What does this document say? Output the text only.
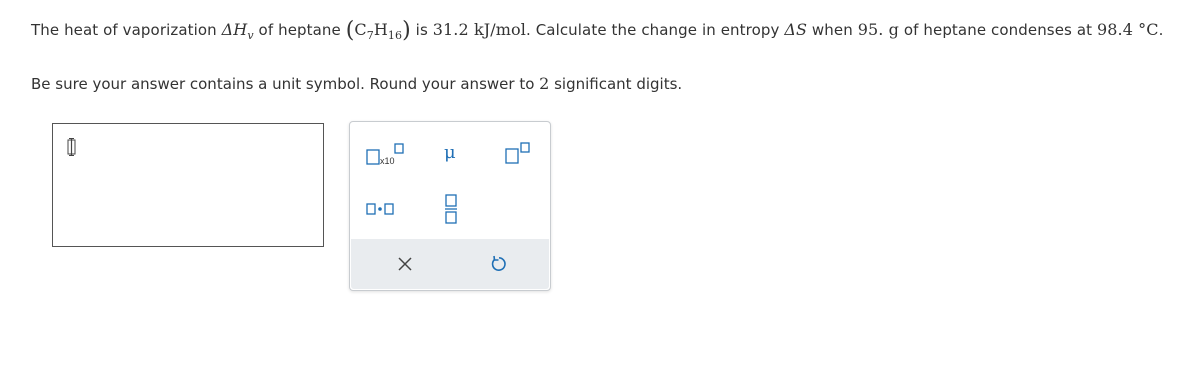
The heat of vaporization $\Delta H_v$ of heptane $(C_7H_{16})$ is 31.2 kJ/mol. Calculate the change in entropy ΔS when 95. g of heptane condenses at 98.4 °C.
Be sure your answer contains a unit symbol. Round your answer to 2 significant digits.
x10	μ
